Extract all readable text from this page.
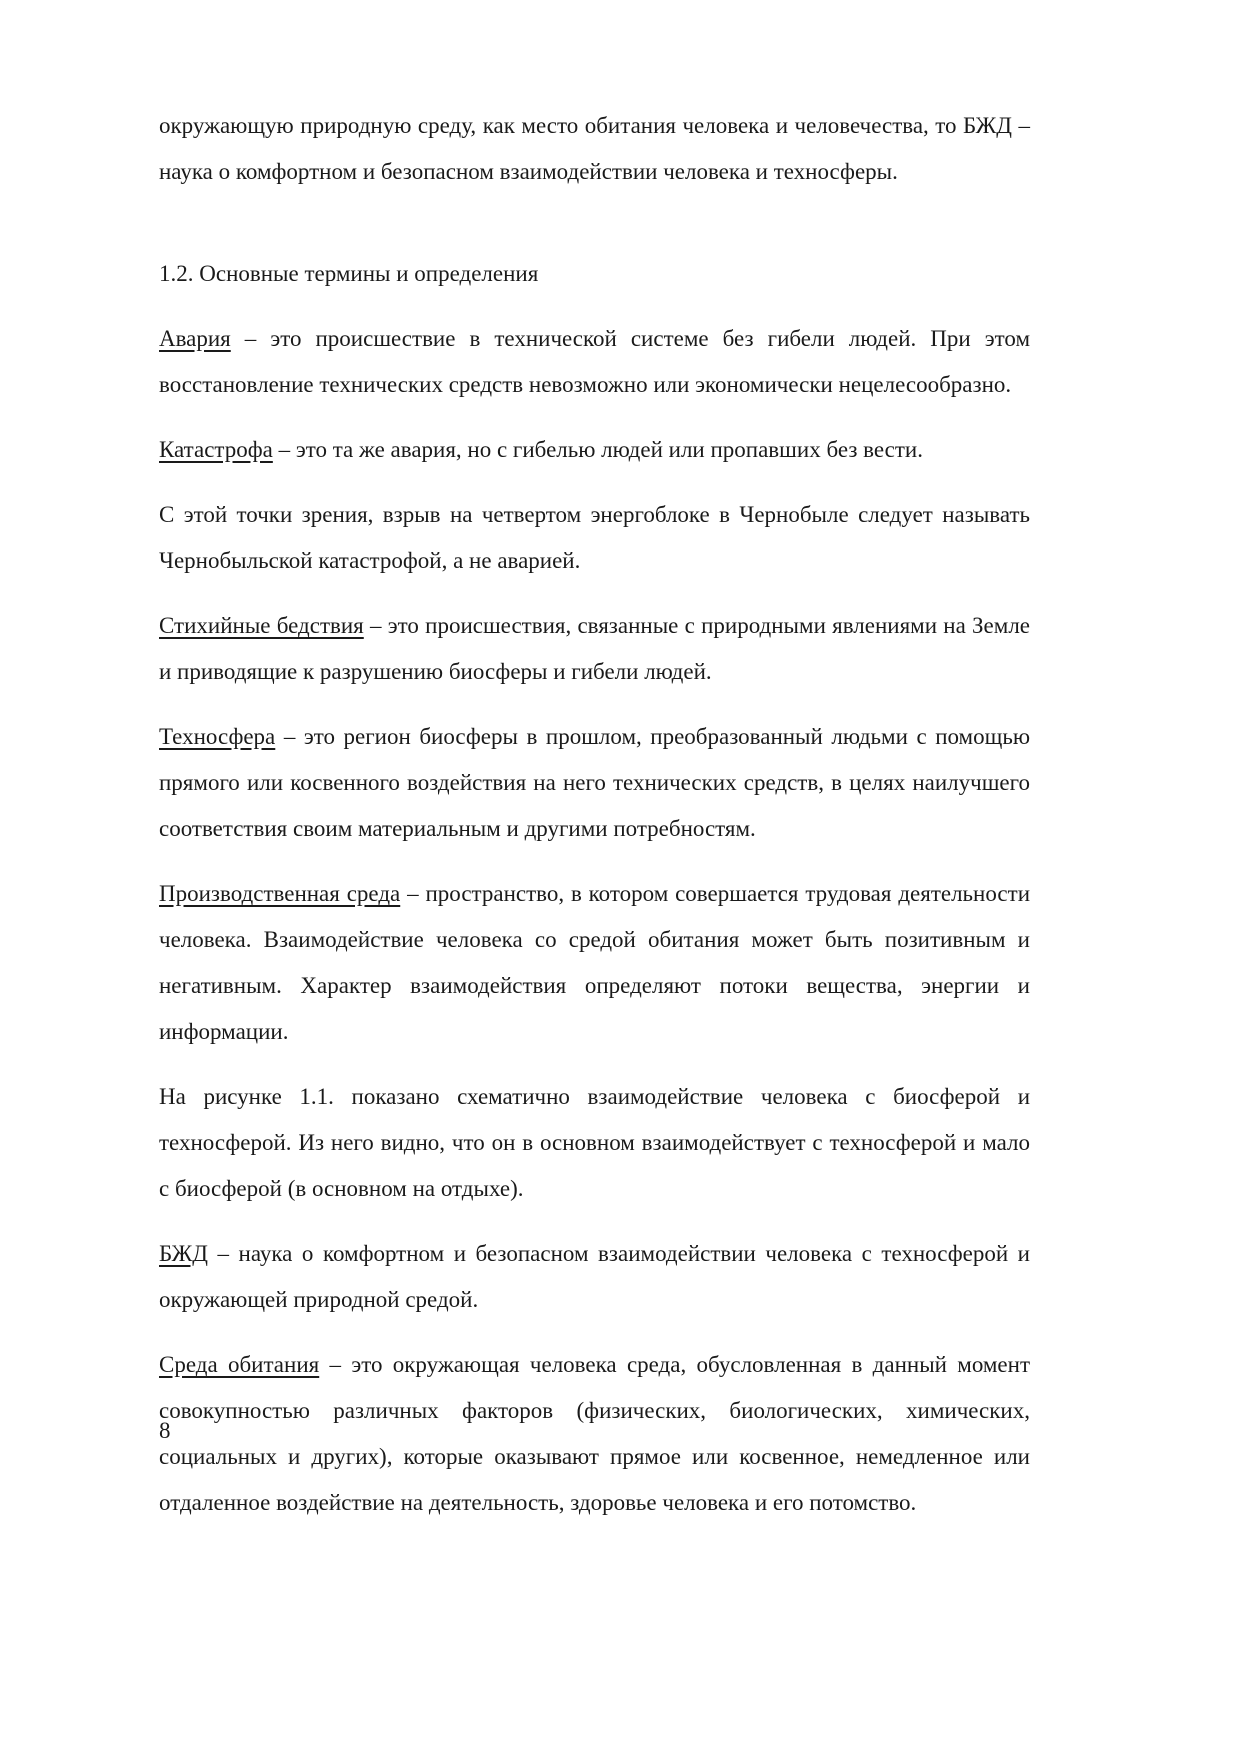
окружающую природную среду, как место обитания человека и человечества, то БЖД – наука о комфортном и безопасном взаимодействии человека и техносферы.

1.2. Основные термины и определения

Авария – это происшествие в технической системе без гибели людей. При этом восстановление технических средств невозможно или экономически нецелесообразно.

Катастрофа – это та же авария, но с гибелью людей или пропавших без вести.

С этой точки зрения, взрыв на четвертом энергоблоке в Чернобыле следует называть Чернобыльской катастрофой, а не аварией.

Стихийные бедствия – это происшествия, связанные с природными явлениями на Земле и приводящие к разрушению биосферы и гибели людей.

Техносфера – это регион биосферы в прошлом, преобразованный людьми с помощью прямого или косвенного воздействия на него технических средств, в целях наилучшего соответствия своим материальным и другими потребностям.

Производственная среда – пространство, в котором совершается трудовая деятельности человека. Взаимодействие человека со средой обитания может быть позитивным и негативным. Характер взаимодействия определяют потоки вещества, энергии и информации.

На рисунке 1.1. показано схематично взаимодействие человека с биосферой и техносферой. Из него видно, что он в основном взаимодействует с техносферой и мало с биосферой (в основном на отдыхе).

БЖД – наука о комфортном и безопасном взаимодействии человека с техносферой и окружающей природной средой.

Среда обитания – это окружающая человека среда, обусловленная в данный момент совокупностью различных факторов (физических, биологических, химических, социальных и других), которые оказывают прямое или косвенное, немедленное или отдаленное воздействие на деятельность, здоровье человека и его потомство.

8
